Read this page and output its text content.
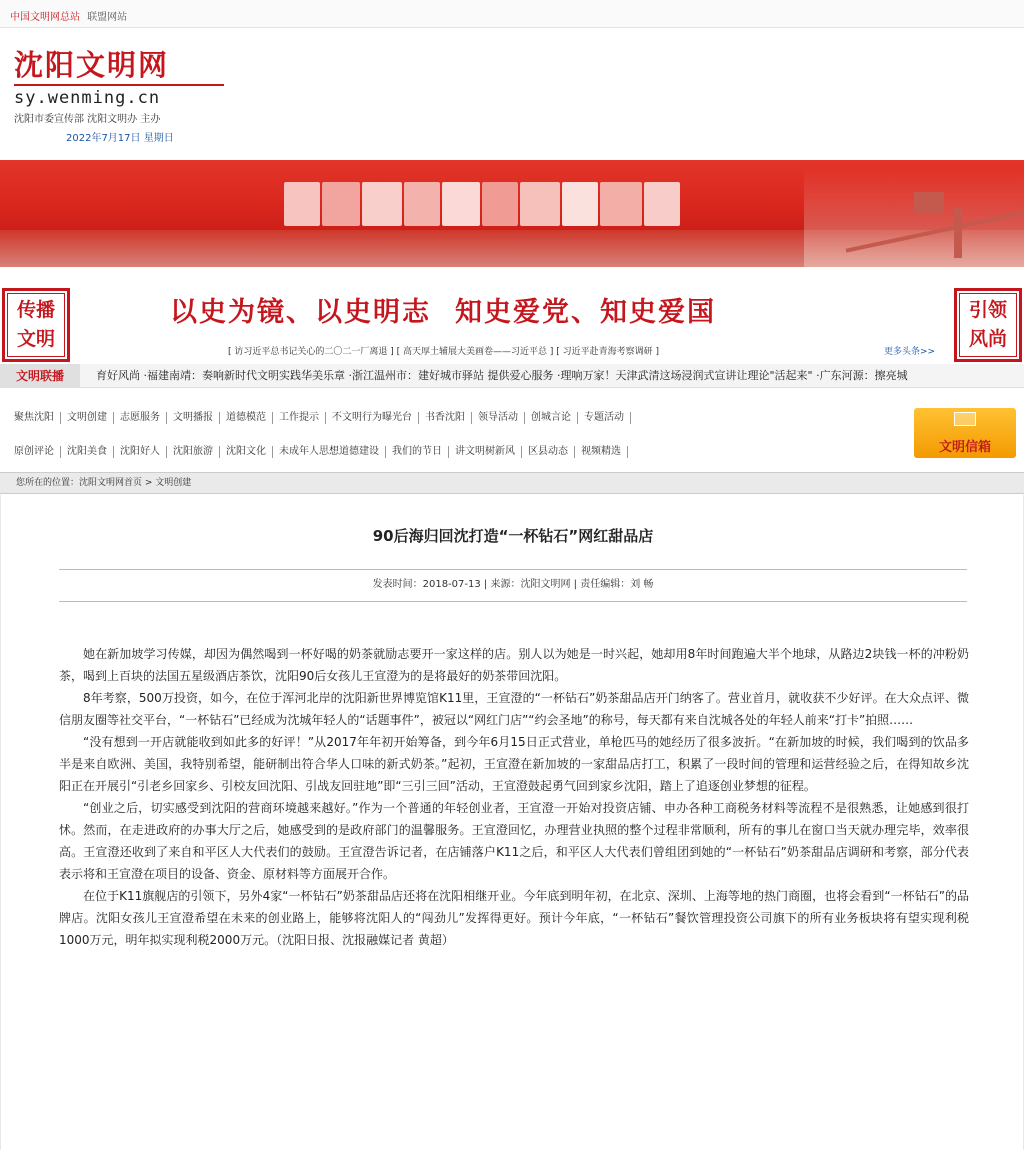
中国文明网总站 联盟网站
沈阳文明网
sy.wenming.cn
沈阳市委宣传部 沈阳文明办 主办
2022年7月17日 星期日
传播
文明
以史为镜、以史明志 知史爱党、知史爱国
[ 访习近平总书记关心的二〇二一厂离退 ] [ 高天厚土辅展大美画卷——习近平总 ] [ 习近平赴青海考察调研 ]	更多头条>>
引领
风尚
文明联播	育好风尚 ·福建南靖：奏响新时代文明实践华美乐章 ·浙江温州市：建好城市驿站 提供爱心服务 ·理响万家！天津武清这场浸润式宣讲让理论"活起来" ·广东河源：擦亮城
聚焦沈阳	文明创建	志愿服务	文明播报	道德模范	工作提示	不文明行为曝光台	书香沈阳	领导活动	创城言论	专题活动
原创评论	沈阳美食	沈阳好人	沈阳旅游	沈阳文化	未成年人思想道德建设	我们的节日	讲文明树新风	区县动态	视频精选	文明信箱
您所在的位置：沈阳文明网首页 > 文明创建
90后海归回沈打造“一杯钻石”网红甜品店
发表时间：2018-07-13 | 来源：沈阳文明网 | 责任编辑：刘 畅

她在新加坡学习传媒，却因为偶然喝到一杯好喝的奶茶就励志要开一家这样的店。别人以为她是一时兴起，她却用8年时间跑遍大半个地球，从路边2块钱一杯的冲粉奶茶，喝到上百块的法国五星级酒店茶饮，沈阳90后女孩儿王宣澄为的是将最好的奶茶带回沈阳。

8年考察，500万投资，如今，在位于浑河北岸的沈阳新世界博览馆K11里，王宣澄的“一杯钻石”奶茶甜品店开门纳客了。营业首月，就收获不少好评。在大众点评、微信朋友圈等社交平台，“一杯钻石”已经成为沈城年轻人的“话题事件”，被冠以“网红门店”“约会圣地”的称号，每天都有来自沈城各处的年轻人前来“打卡”拍照……

“没有想到一开店就能收到如此多的好评！”从2017年年初开始筹备，到今年6月15日正式营业，单枪匹马的她经历了很多波折。“在新加坡的时候，我们喝到的饮品多半是来自欧洲、美国，我特别希望，能研制出符合华人口味的新式奶茶。”起初，王宣澄在新加坡的一家甜品店打工，积累了一段时间的管理和运营经验之后，在得知故乡沈阳正在开展引“引老乡回家乡、引校友回沈阳、引战友回驻地”即“三引三回”活动，王宣澄鼓起勇气回到家乡沈阳，踏上了追逐创业梦想的征程。

“创业之后，切实感受到沈阳的营商环境越来越好。”作为一个普通的年轻创业者，王宣澄一开始对投资店铺、申办各种工商税务材料等流程不是很熟悉，让她感到很打怵。然而，在走进政府的办事大厅之后，她感受到的是政府部门的温馨服务。王宣澄回忆，办理营业执照的整个过程非常顺利，所有的事儿在窗口当天就办理完毕，效率很高。王宣澄还收到了来自和平区人大代表们的鼓励。王宣澄告诉记者，在店铺落户K11之后，和平区人大代表们曾组团到她的“一杯钻石”奶茶甜品店调研和考察，部分代表表示将和王宣澄在项目的设备、资金、原材料等方面展开合作。

在位于K11旗舰店的引领下，另外4家“一杯钻石”奶茶甜品店还将在沈阳相继开业。今年底到明年初，在北京、深圳、上海等地的热门商圈，也将会看到“一杯钻石”的品牌店。沈阳女孩儿王宣澄希望在未来的创业路上，能够将沈阳人的“闯劲儿”发挥得更好。预计今年底，“一杯钻石”餐饮管理投资公司旗下的所有业务板块将有望实现利税1000万元，明年拟实现利税2000万元。（沈阳日报、沈报融媒记者 黄超）
